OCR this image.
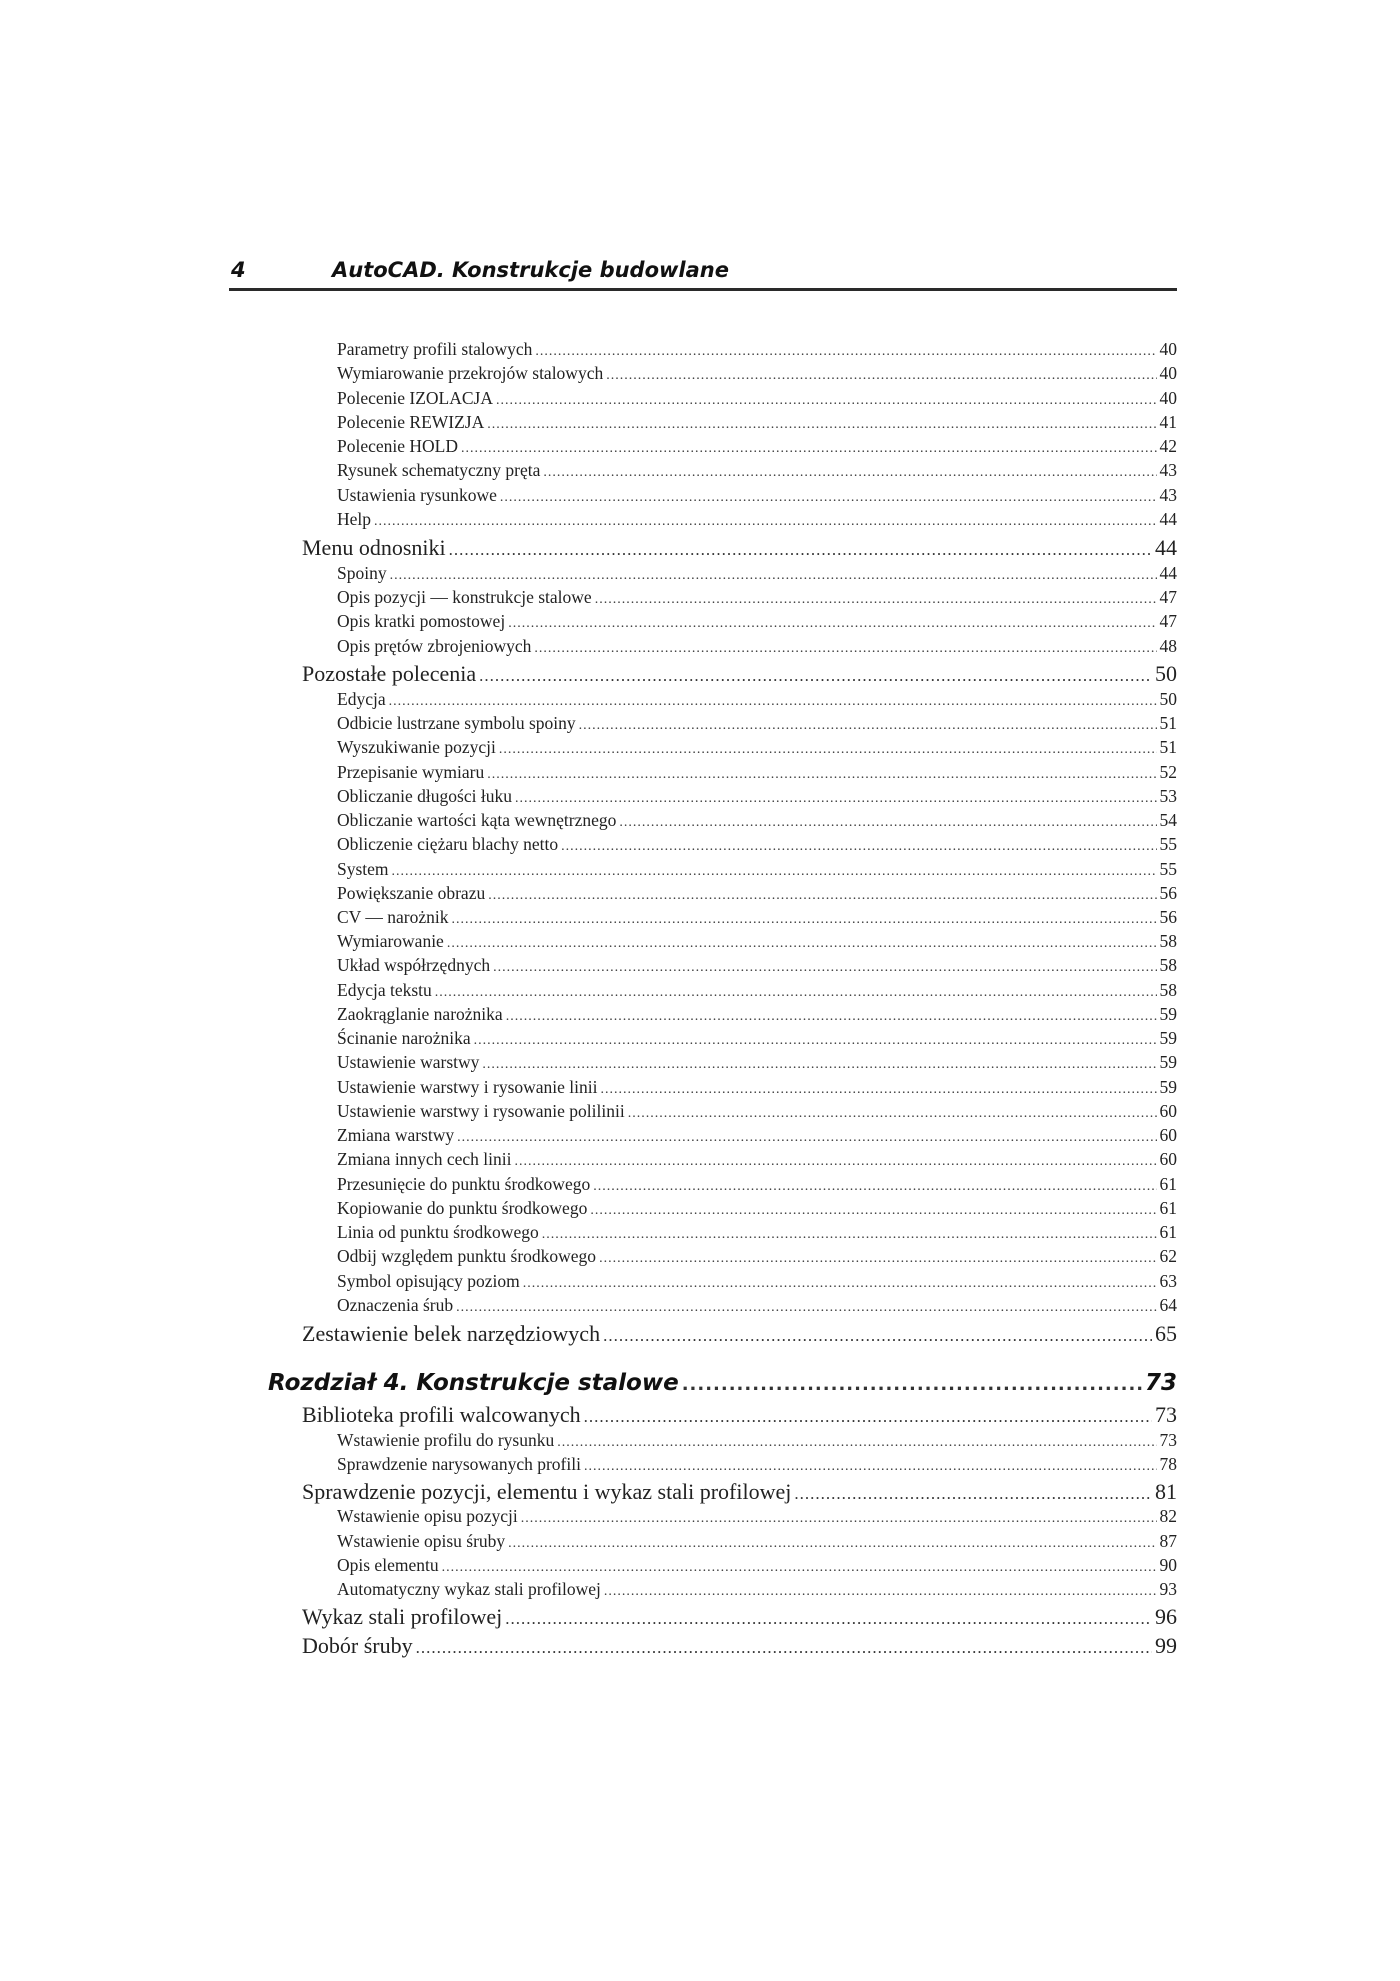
4	AutoCAD. Konstrukcje budowlane
Parametry profili stalowych .....	40
Wymiarowanie przekrojów stalowych .....	40
Polecenie IZOLACJA .....	40
Polecenie REWIZJA .....	41
Polecenie HOLD .....	42
Rysunek schematyczny pręta .....	43
Ustawienia rysunkowe .....	43
Help .....	44
Menu odnosniki .....	44
Spoiny .....	44
Opis pozycji — konstrukcje stalowe .....	47
Opis kratki pomostowej .....	47
Opis prętów zbrojeniowych .....	48
Pozostałe polecenia .....	50
Edycja .....	50
Odbicie lustrzane symbolu spoiny .....	51
Wyszukiwanie pozycji .....	51
Przepisanie wymiaru .....	52
Obliczanie długości łuku .....	53
Obliczanie wartości kąta wewnętrznego .....	54
Obliczenie ciężaru blachy netto .....	55
System .....	55
Powiększanie obrazu .....	56
CV — narożnik .....	56
Wymiarowanie .....	58
Układ współrzędnych .....	58
Edycja tekstu .....	58
Zaokrąglanie narożnika .....	59
Ścinanie narożnika .....	59
Ustawienie warstwy .....	59
Ustawienie warstwy i rysowanie linii .....	59
Ustawienie warstwy i rysowanie polilinii .....	60
Zmiana warstwy .....	60
Zmiana innych cech linii .....	60
Przesunięcie do punktu środkowego .....	61
Kopiowanie do punktu środkowego .....	61
Linia od punktu środkowego .....	61
Odbij względem punktu środkowego .....	62
Symbol opisujący poziom .....	63
Oznaczenia śrub .....	64
Zestawienie belek narzędziowych .....	65
Rozdział 4. Konstrukcje stalowe .....	73
Biblioteka profili walcowanych .....	73
Wstawienie profilu do rysunku .....	73
Sprawdzenie narysowanych profili .....	78
Sprawdzenie pozycji, elementu i wykaz stali profilowej .....	81
Wstawienie opisu pozycji .....	82
Wstawienie opisu śruby .....	87
Opis elementu .....	90
Automatyczny wykaz stali profilowej .....	93
Wykaz stali profilowej .....	96
Dobór śruby .....	99
